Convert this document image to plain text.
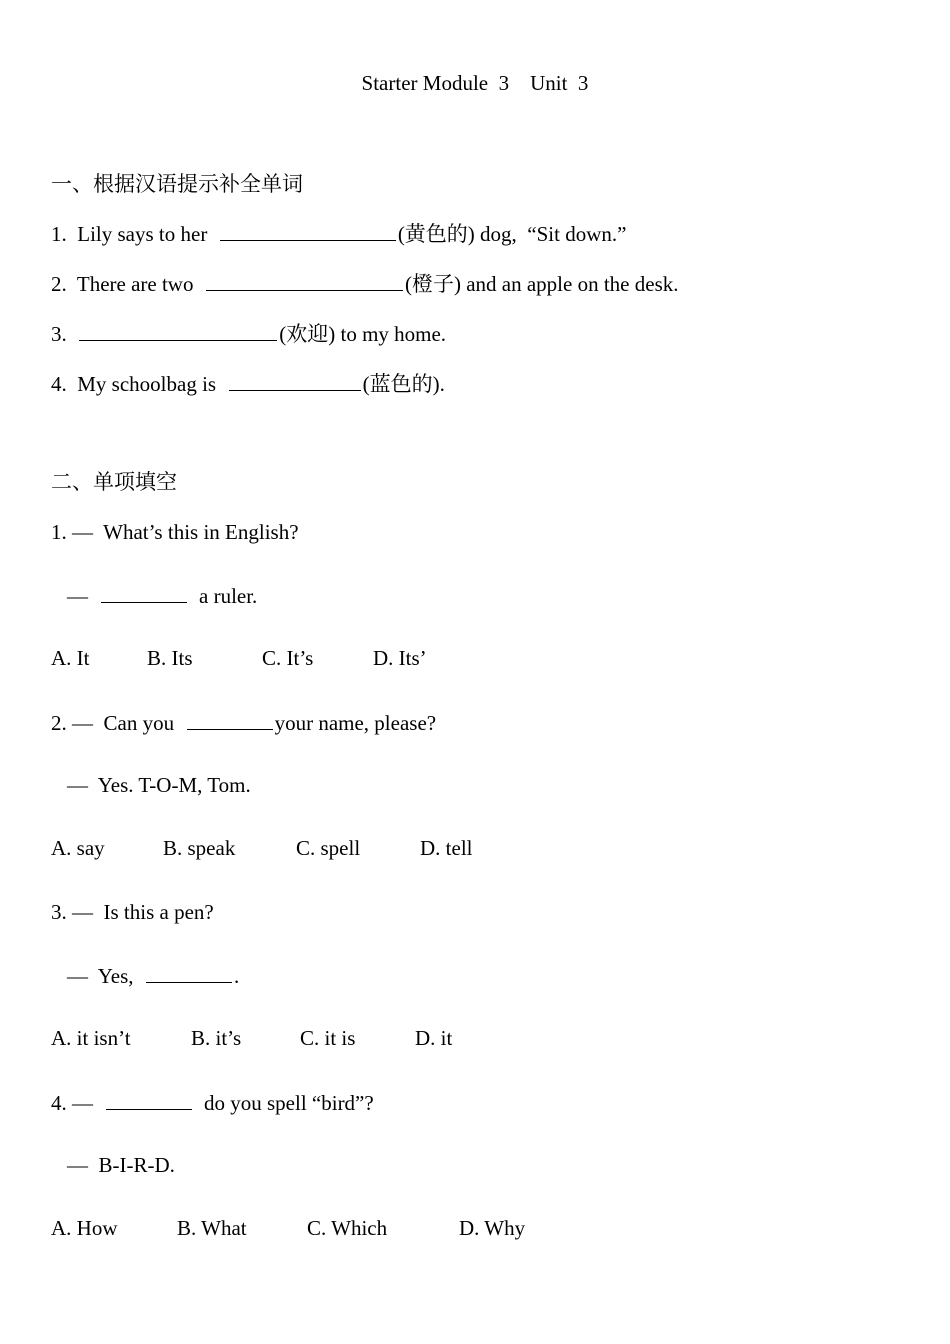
Starter Module  3    Unit  3
一、根据汉语提示补全单词
1. Lily says to her	(黄色的) dog,  “Sit down.”
2. There are two	(橙子) and an apple on the desk.
3.	(欢迎) to my home.
4. My schoolbag is	(蓝色的).
二、单项填空
1. —  What’s this in English?
—	a ruler.
A. It	B. Its	C. It’s	D. Its’
2. —  Can you	your name, please?
—  Yes. T-O-M, Tom.
A. say	B. speak	C. spell	D. tell
3. —  Is this a pen?
—  Yes,	.
A. it isn’t	B. it’s	C. it is	D. it
4. —	do you spell “bird”?
—  B-I-R-D.
A. How	B. What	C. Which	D. Why
